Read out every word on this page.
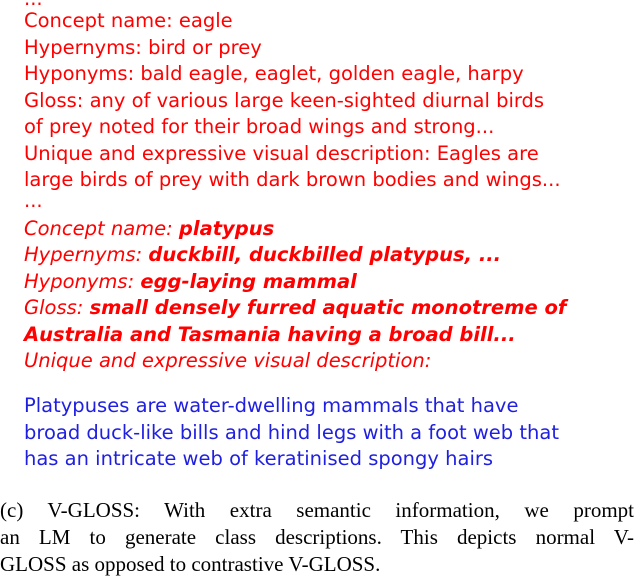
Concept name: eagle
Hypernyms: bird or prey
Hyponyms: bald eagle, eaglet, golden eagle, harpy
Gloss: any of various large keen-sighted diurnal birds
of prey noted for their broad wings and strong...
Unique and expressive visual description: Eagles are
large birds of prey with dark brown bodies and wings...
...
Concept name: platypus
Hypernyms: duckbill, duckbilled platypus, ...
Hyponyms: egg-laying mammal
Gloss: small densely furred aquatic monotreme of
Australia and Tasmania having a broad bill...
Unique and expressive visual description:
Platypuses are water-dwelling mammals that have
broad duck-like bills and hind legs with a foot web that
has an intricate web of keratinised spongy hairs
(c) V-GLOSS: With extra semantic information, we prompt
an LM to generate class descriptions. This depicts normal V-
GLOSS as opposed to contrastive V-GLOSS.
